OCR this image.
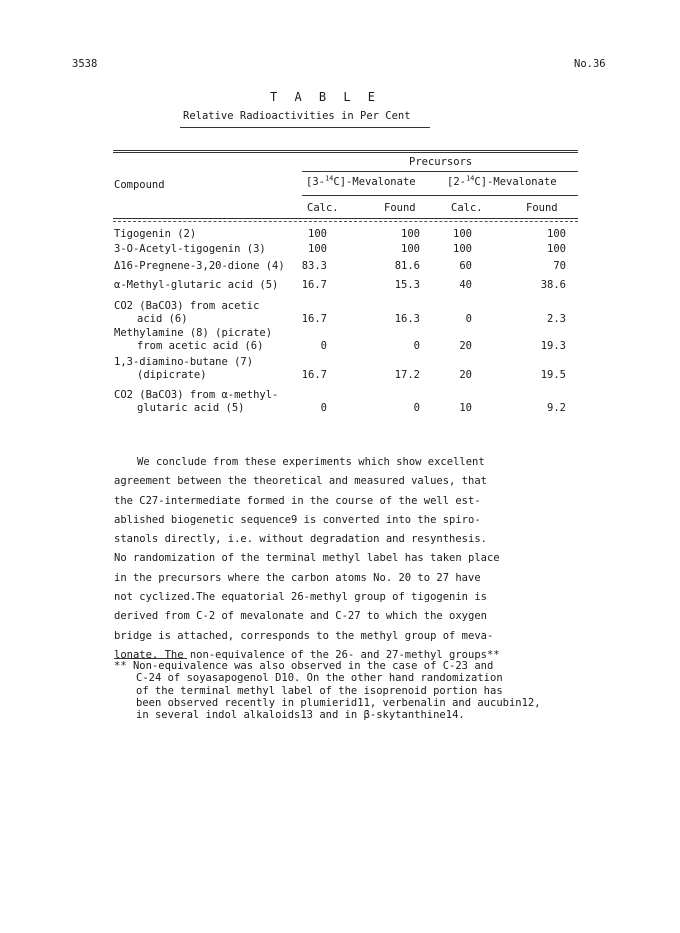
3538	No.36
T A B L E
Relative Radioactivities in Per Cent
Precursors
Compound	[3-$^{14}$C]-Mevalonate	[2-$^{14}$C]-Mevalonate
Calc.	Found	Calc.	Found
Tigogenin (2)	100	100	100	100
3-O-Acetyl-tigogenin (3)	100	100	100	100
Δ16-Pregnene-3,20-dione (4) 83.3	81.6	60	70
α-Methyl-glutaric acid (5) 16.7	15.3	40	38.6
CO2 (BaCO3) from acetic
acid (6)	16.7	16.3	0	2.3
Methylamine (8) (picrate)
from acetic acid (6)	0	0	20	19.3
1,3-diamino-butane (7)
(dipicrate)	16.7	17.2	20	19.5
CO2 (BaCO3) from α-methyl-
glutaric acid (5)	0	0	10	9.2

We conclude from these experiments which show excellent

agreement between the theoretical and measured values, that

the C27-intermediate formed in the course of the well est-

ablished biogenetic sequence9 is converted into the spiro-

stanols directly, i.e. without degradation and resynthesis.

No randomization of the terminal methyl label has taken place

in the precursors where the carbon atoms No. 20 to 27 have

not cyclized.The equatorial 26-methyl group of tigogenin is

derived from C-2 of mevalonate and C-27 to which the oxygen

bridge is attached, corresponds to the methyl group of meva-

lonate. The non-equivalence of the 26- and 27-methyl groups**

** Non-equivalence was also observed in the case of C-23 and

C-24 of soyasapogenol D10. On the other hand randomization

of the terminal methyl label of the isoprenoid portion has

been observed recently in plumierid11, verbenalin and aucubin12,

in several indol alkaloids13 and in β-skytanthine14.
